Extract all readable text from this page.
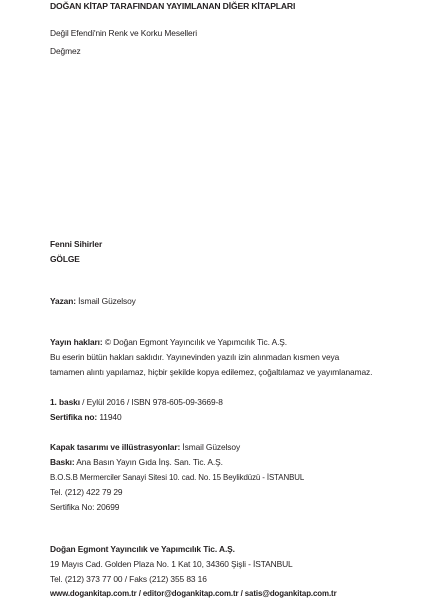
DOĞAN KİTAP TARAFINDAN YAYIMLANAN DİĞER KİTAPLARI
Değil Efendi'nin Renk ve Korku Meselleri
Değmez
Fenni Sihirler
GÖLGE
Yazan: İsmail Güzelsoy
Yayın hakları: © Doğan Egmont Yayıncılık ve Yapımcılık Tic. A.Ş.
Bu eserin bütün hakları saklıdır. Yayınevinden yazılı izin alınmadan kısmen veya
tamamen alıntı yapılamaz, hiçbir şekilde kopya edilemez, çoğaltılamaz ve yayımlanamaz.
1. baskı / Eylül 2016 / ISBN 978-605-09-3669-8
Sertifika no: 11940
Kapak tasarımı ve illüstrasyonlar: İsmail Güzelsoy
Baskı: Ana Basın Yayın Gıda İnş. San. Tic. A.Ş.
B.O.S.B Mermerciler Sanayi Sitesi 10. cad. No. 15 Beylikdüzü - İSTANBUL
Tel. (212) 422 79 29
Sertifika No: 20699
Doğan Egmont Yayıncılık ve Yapımcılık Tic. A.Ş.
19 Mayıs Cad. Golden Plaza No. 1 Kat 10, 34360 Şişli - İSTANBUL
Tel. (212) 373 77 00 / Faks (212) 355 83 16
www.dogankitap.com.tr / editor@dogankitap.com.tr / satis@dogankitap.com.tr
